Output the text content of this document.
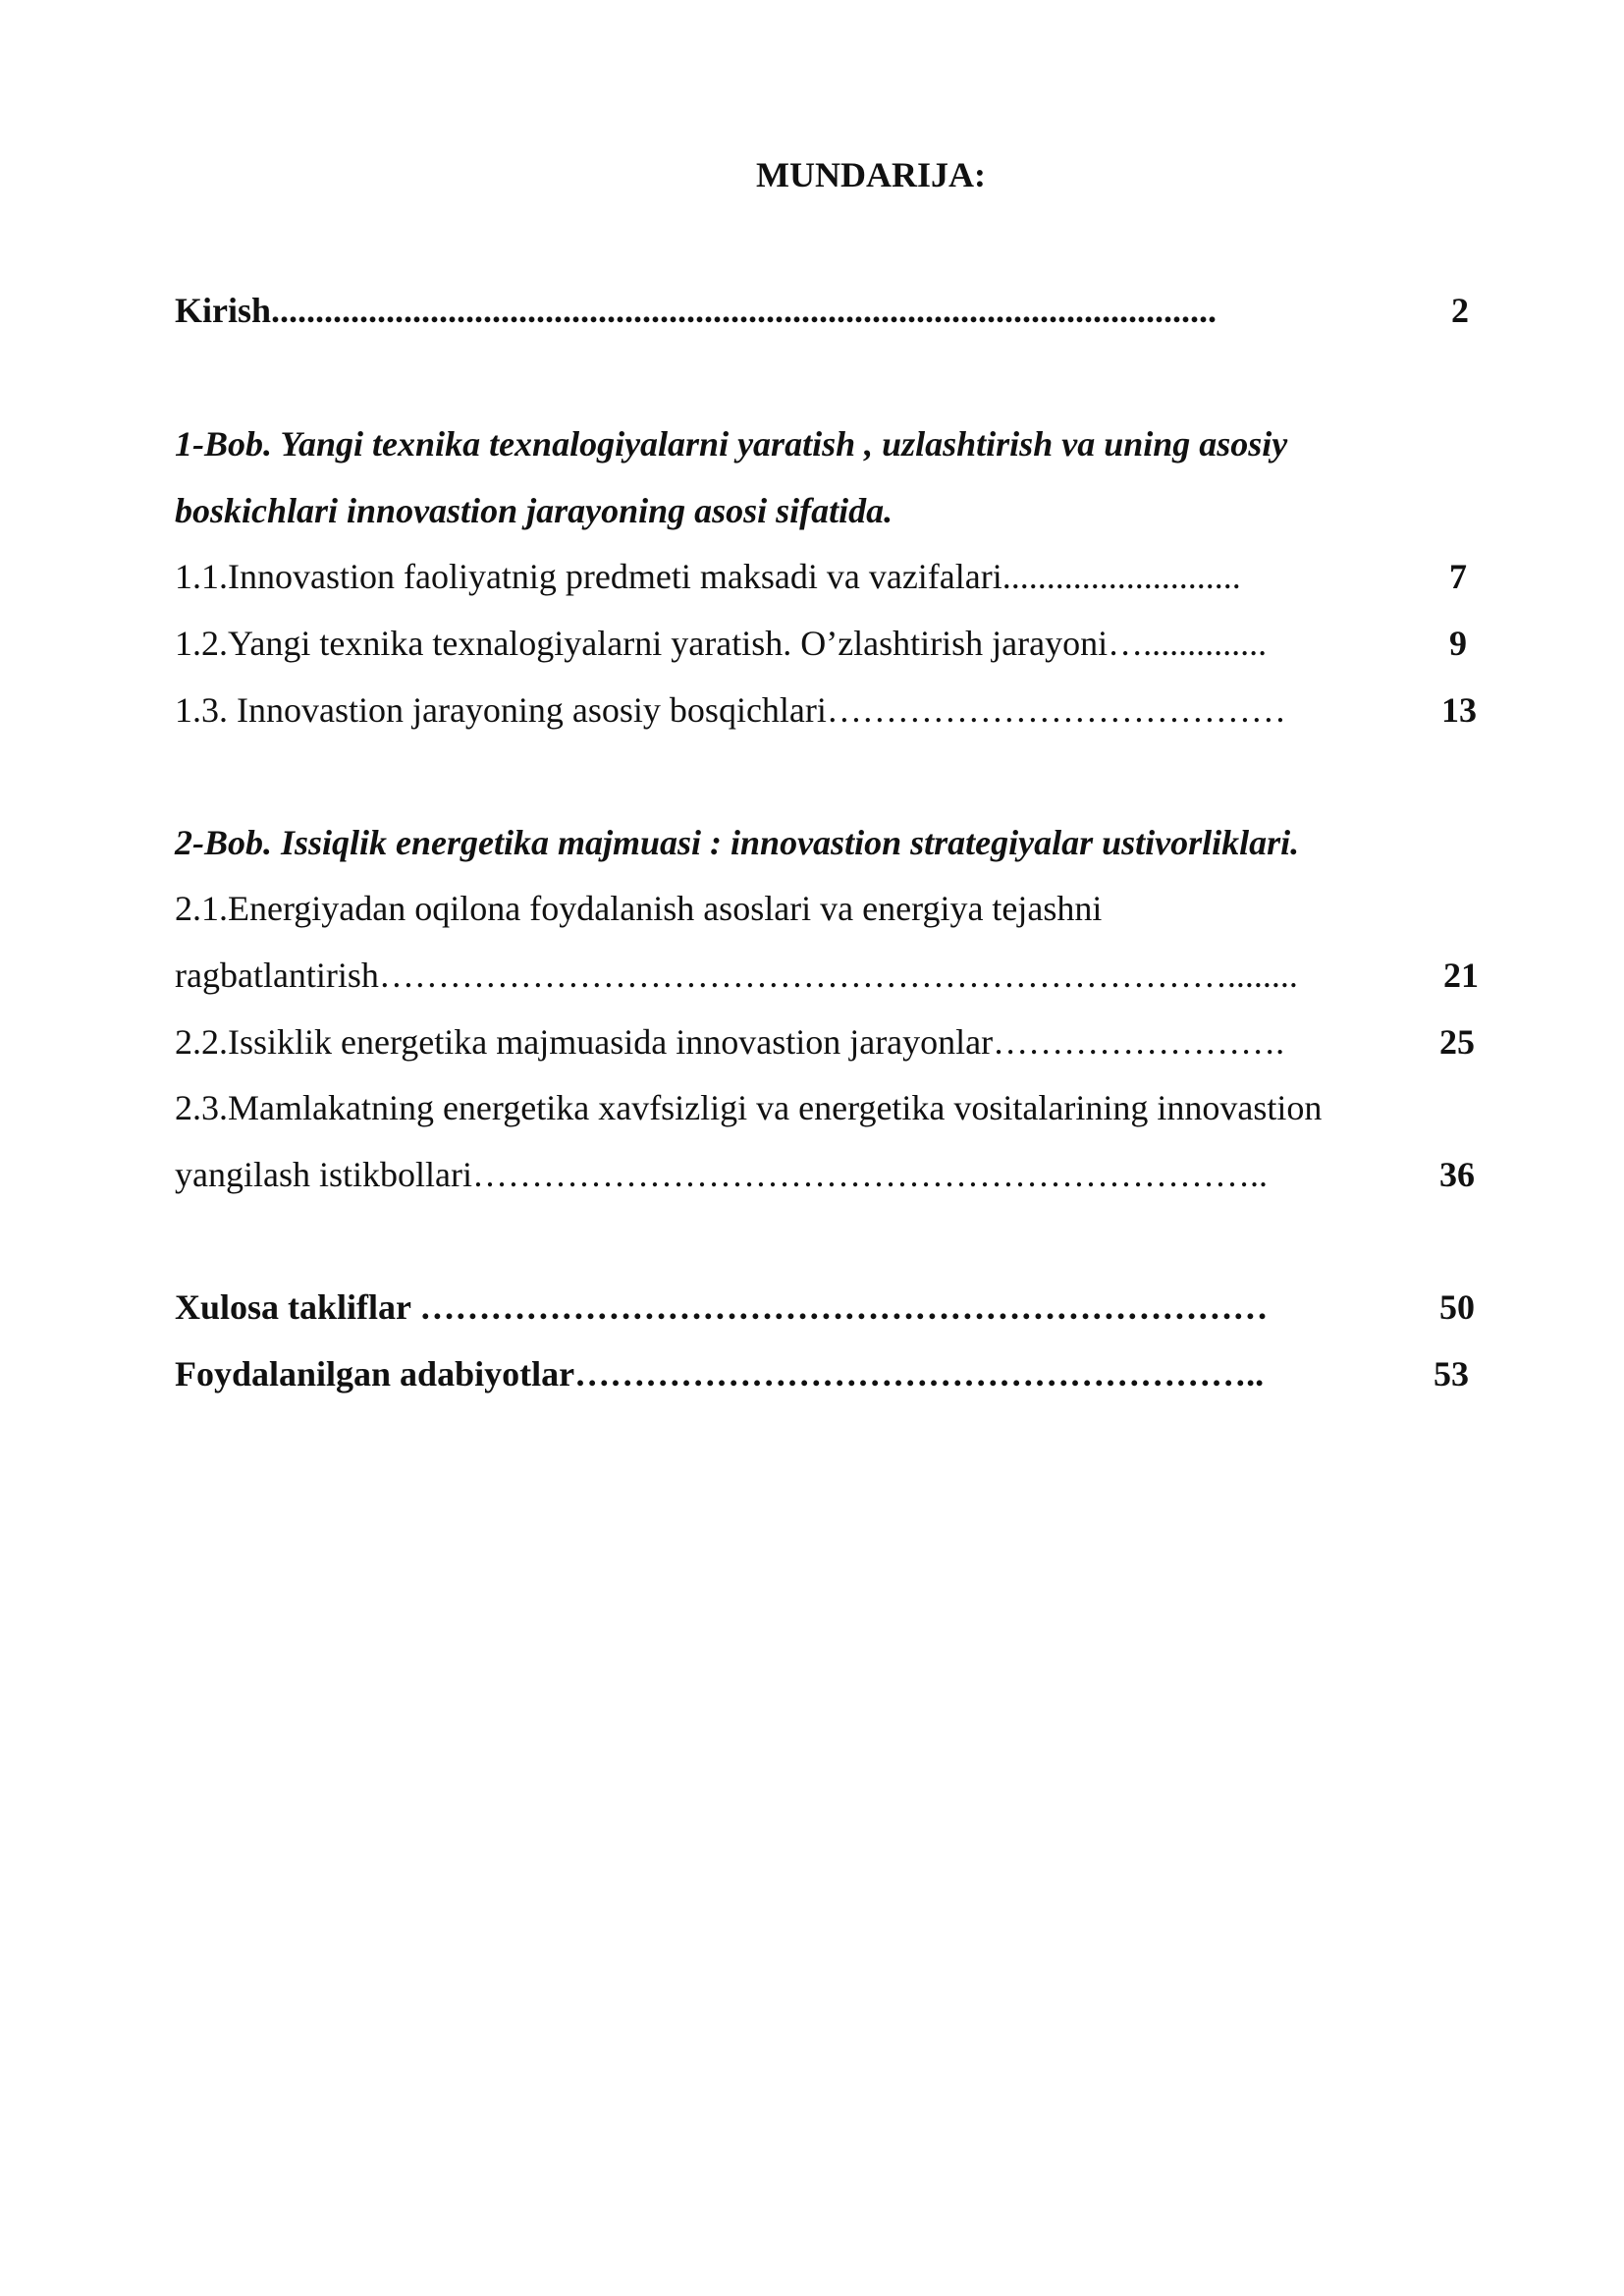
MUNDARIJA:
Kirish...........................................................................................................	2
1-Bob. Yangi texnika texnalogiyalarni yaratish , uzlashtirish va uning asosiy
boskichlari innovastion jarayoning asosi sifatida.
1.1.Innovastion faoliyatnig predmeti maksadi va vazifalari...........................	7
1.2.Yangi texnika texnalogiyalarni yaratish. O’zlashtirish jarayoni…..............	9
1.3. Innovastion jarayoning asosiy bosqichlari…………………………………	13
2-Bob. Issiqlik energetika majmuasi : innovastion strategiyalar ustivorliklari.
2.1.Energiyadan oqilona foydalanish asoslari va energiya tejashni
ragbatlantirish………………………………………………………………........	21
2.2.Issiklik energetika majmuasida innovastion jarayonlar…………………….	25
2.3.Mamlakatning energetika xavfsizligi va energetika vositalarining innovastion
yangilash istikbollari…………………………………………………………..	36
Xulosa takliflar ………………………………………………………………	50
Foydalanilgan adabiyotlar…………………………………………………..	53
